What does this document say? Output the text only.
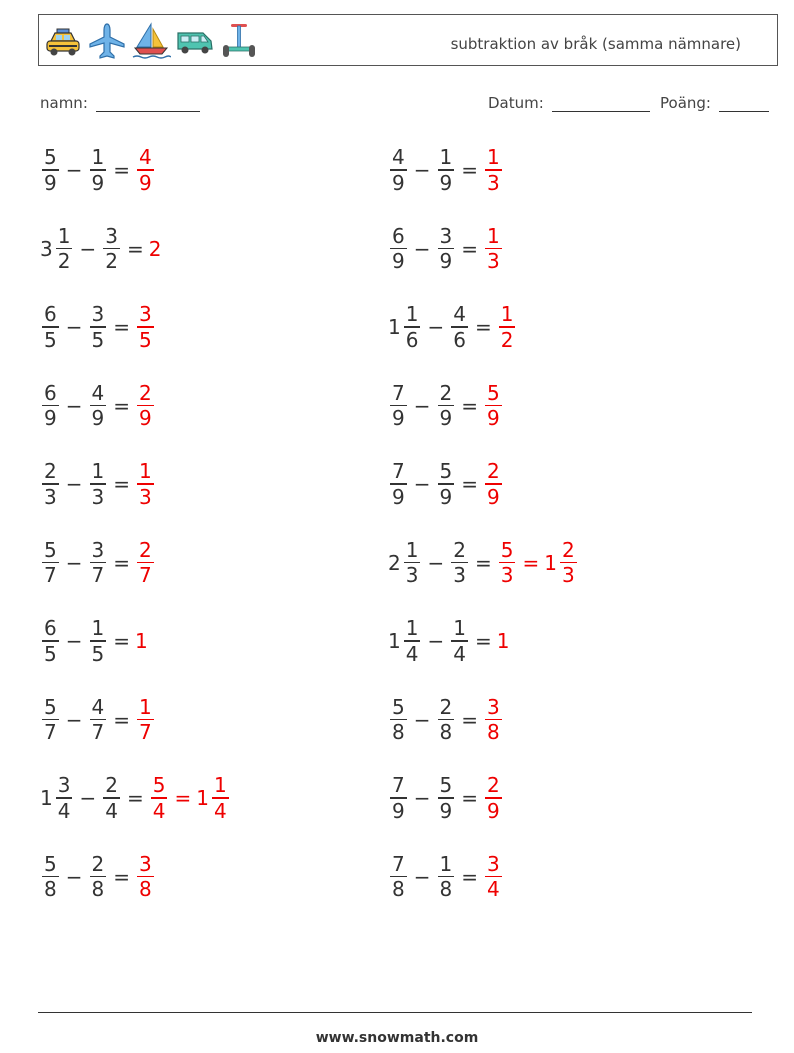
subtraktion av bråk (samma nämnare)
namn:	Datum:	Poäng:
$\frac{5}{9} - \frac{1}{9} = \frac{4}{9}$	$\frac{4}{9} - \frac{1}{9} = \frac{1}{3}$
$3 \frac{1}{2} - \frac{3}{2} = 2$	$\frac{6}{9} - \frac{3}{9} = \frac{1}{3}$
$\frac{6}{5} - \frac{3}{5} = \frac{3}{5}$	$1 \frac{1}{6} - \frac{4}{6} = \frac{1}{2}$
$\frac{6}{9} - \frac{4}{9} = \frac{2}{9}$	$\frac{7}{9} - \frac{2}{9} = \frac{5}{9}$
$\frac{2}{3} - \frac{1}{3} = \frac{1}{3}$	$\frac{7}{9} - \frac{5}{9} = \frac{2}{9}$
$\frac{5}{7} - \frac{3}{7} = \frac{2}{7}$	$2 \frac{1}{3} - \frac{2}{3} = \frac{5}{3} = 1 \frac{2}{3}$
$\frac{6}{5} - \frac{1}{5} = 1$	$1 \frac{1}{4} - \frac{1}{4} = 1$
$\frac{5}{7} - \frac{4}{7} = \frac{1}{7}$	$\frac{5}{8} - \frac{2}{8} = \frac{3}{8}$
$1 \frac{3}{4} - \frac{2}{4} = \frac{5}{4} = 1 \frac{1}{4}$	$\frac{7}{9} - \frac{5}{9} = \frac{2}{9}$
$\frac{5}{8} - \frac{2}{8} = \frac{3}{8}$	$\frac{7}{8} - \frac{1}{8} = \frac{3}{4}$
www.snowmath.com
